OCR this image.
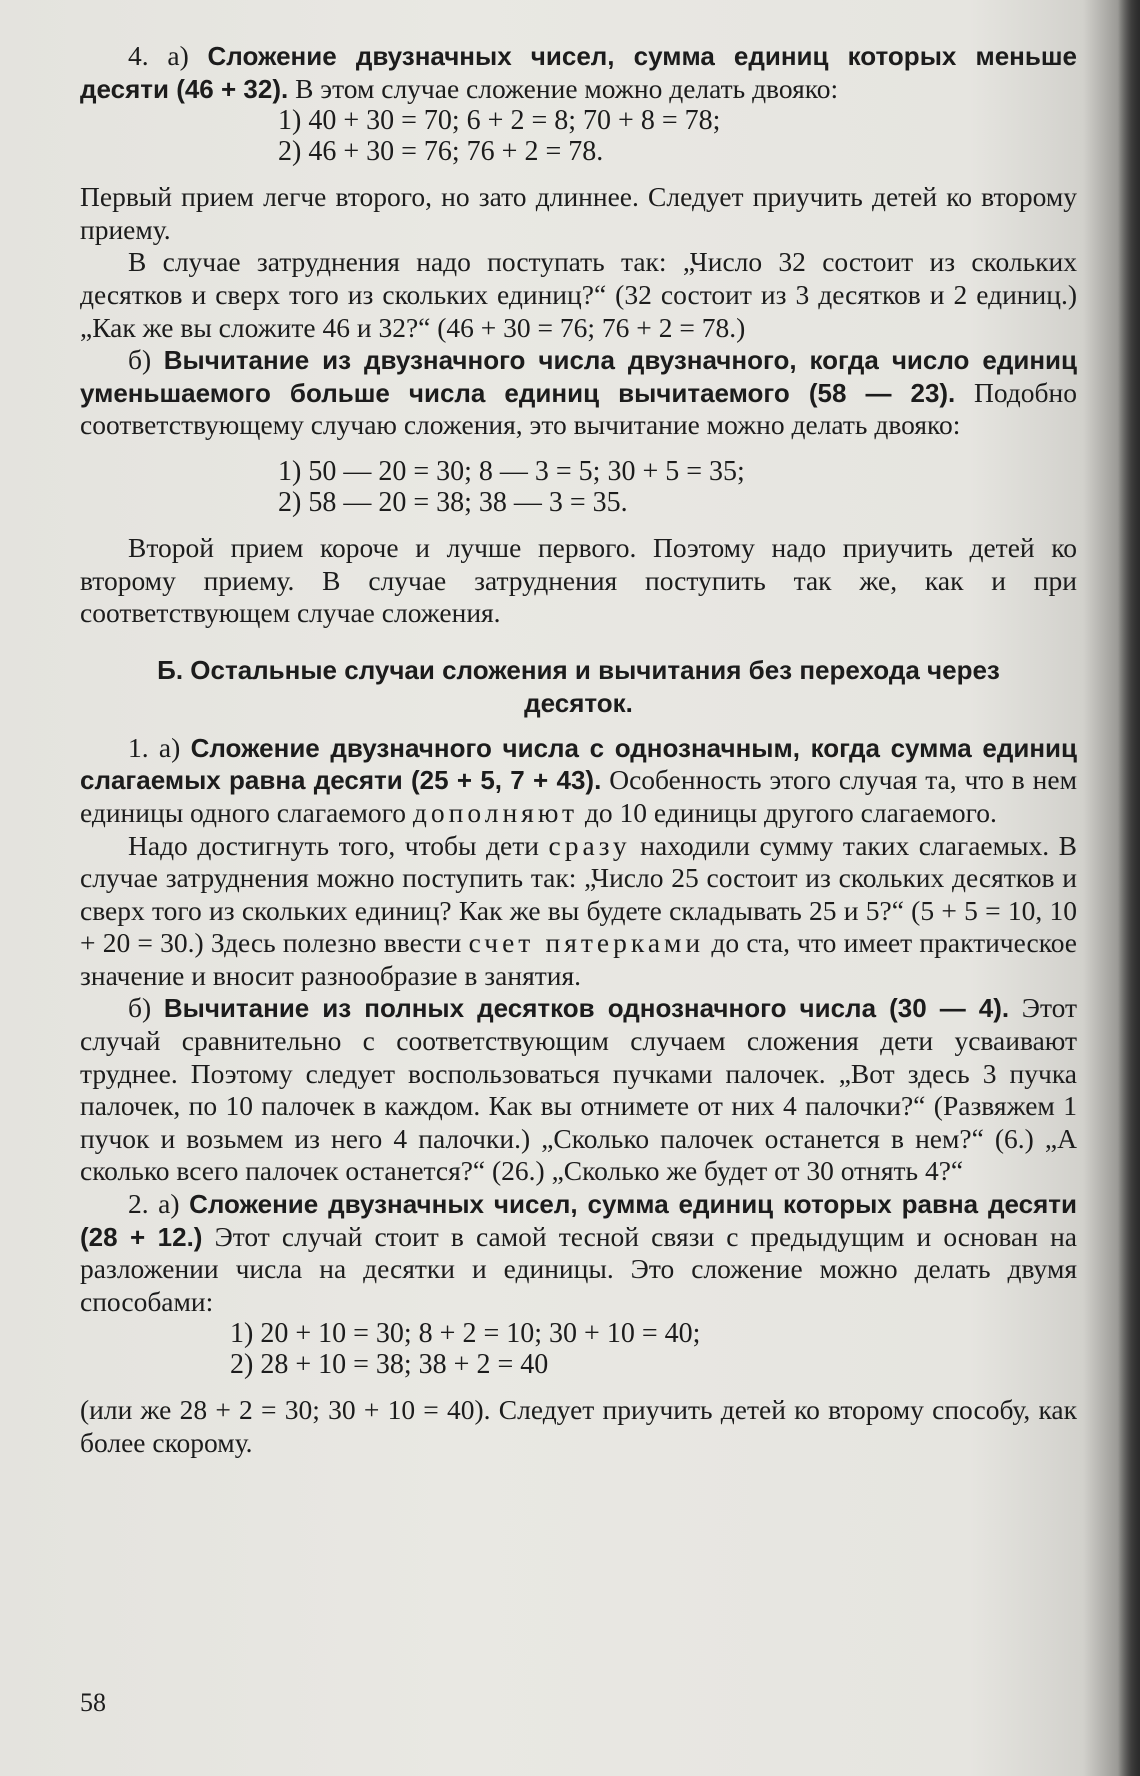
4. а) Сложение двузначных чисел, сумма единиц которых меньше десяти (46 + 32). В этом случае сложение можно делать двояко:

1) 40 + 30 = 70; 6 + 2 = 8; 70 + 8 = 78;
2) 46 + 30 = 76; 76 + 2 = 78.

Первый прием легче второго, но зато длиннее. Следует приучить детей ко второму приему.

В случае затруднения надо поступать так: „Число 32 состоит из скольких десятков и сверх того из скольких единиц?“ (32 состоит из 3 десятков и 2 единиц.) „Как же вы сложите 46 и 32?“ (46 + 30 = 76; 76 + 2 = 78.)

б) Вычитание из двузначного числа двузначного, когда число единиц уменьшаемого больше числа единиц вычитаемого (58 — 23). Подобно соответствующему случаю сложения, это вычитание можно делать двояко:

1) 50 — 20 = 30; 8 — 3 = 5; 30 + 5 = 35;
2) 58 — 20 = 38; 38 — 3 = 35.

Второй прием короче и лучше первого. Поэтому надо приучить детей ко второму приему. В случае затруднения поступить так же, как и при соответствующем случае сложения.

Б. Остальные случаи сложения и вычитания без перехода через десяток.

1. а) Сложение двузначного числа с однозначным, когда сумма единиц слагаемых равна десяти (25 + 5, 7 + 43). Особенность этого случая та, что в нем единицы одного слагаемого дополняют до 10 единицы другого слагаемого.

Надо достигнуть того, чтобы дети сразу находили сумму таких слагаемых. В случае затруднения можно поступить так: „Число 25 состоит из скольких десятков и сверх того из скольких единиц? Как же вы будете складывать 25 и 5?“ (5 + 5 = 10, 10 + 20 = 30.) Здесь полезно ввести счет пятерками до ста, что имеет практическое значение и вносит разнообразие в занятия.

б) Вычитание из полных десятков однозначного числа (30 — 4). Этот случай сравнительно с соответствующим случаем сложения дети усваивают труднее. Поэтому следует воспользоваться пучками палочек. „Вот здесь 3 пучка палочек, по 10 палочек в каждом. Как вы отнимете от них 4 палочки?“ (Развяжем 1 пучок и возьмем из него 4 палочки.) „Сколько палочек останется в нем?“ (6.) „А сколько всего палочек останется?“ (26.) „Сколько же будет от 30 отнять 4?“

2. а) Сложение двузначных чисел, сумма единиц которых равна десяти (28 + 12.) Этот случай стоит в самой тесной связи с предыдущим и основан на разложении числа на десятки и единицы. Это сложение можно делать двумя способами:

1) 20 + 10 = 30; 8 + 2 = 10; 30 + 10 = 40;
2) 28 + 10 = 38; 38 + 2 = 40

(или же 28 + 2 = 30; 30 + 10 = 40). Следует приучить детей ко второму способу, как более скорому.

58
